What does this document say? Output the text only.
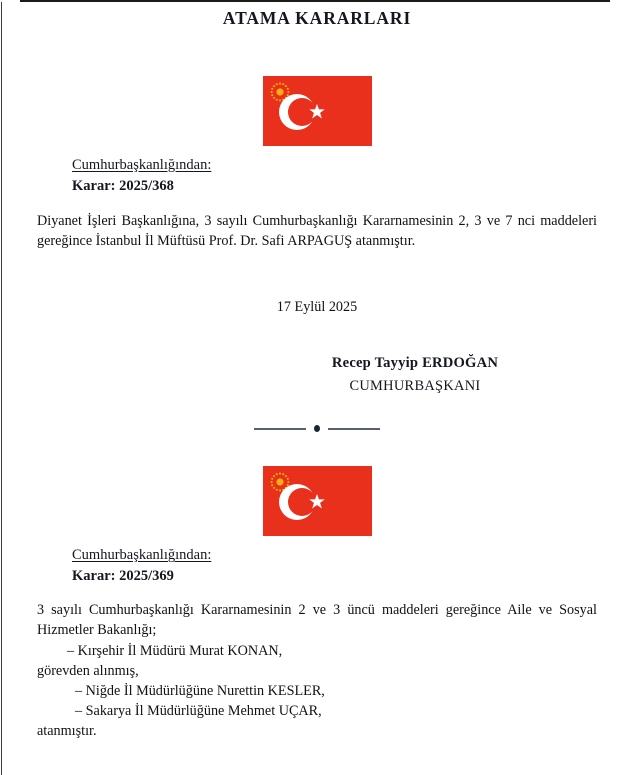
ATAMA KARARLARI
Cumhurbaşkanlığından:
Karar: 2025/368

Diyanet İşleri Başkanlığına, 3 sayılı Cumhurbaşkanlığı Kararnamesinin 2, 3 ve 7 nci maddeleri gereğince İstanbul İl Müftüsü Prof. Dr. Safi ARPAGUŞ atanmıştır.

17 Eylül 2025
Recep Tayyip ERDOĞAN
CUMHURBAŞKANI
Cumhurbaşkanlığından:
Karar: 2025/369
3 sayılı Cumhurbaşkanlığı Kararnamesinin 2 ve 3 üncü maddeleri gereğince Aile ve Sosyal Hizmetler Bakanlığı;
– Kırşehir İl Müdürü Murat KONAN,
görevden alınmış,
– Niğde İl Müdürlüğüne Nurettin KESLER,
– Sakarya İl Müdürlüğüne Mehmet UÇAR,
atanmıştır.
